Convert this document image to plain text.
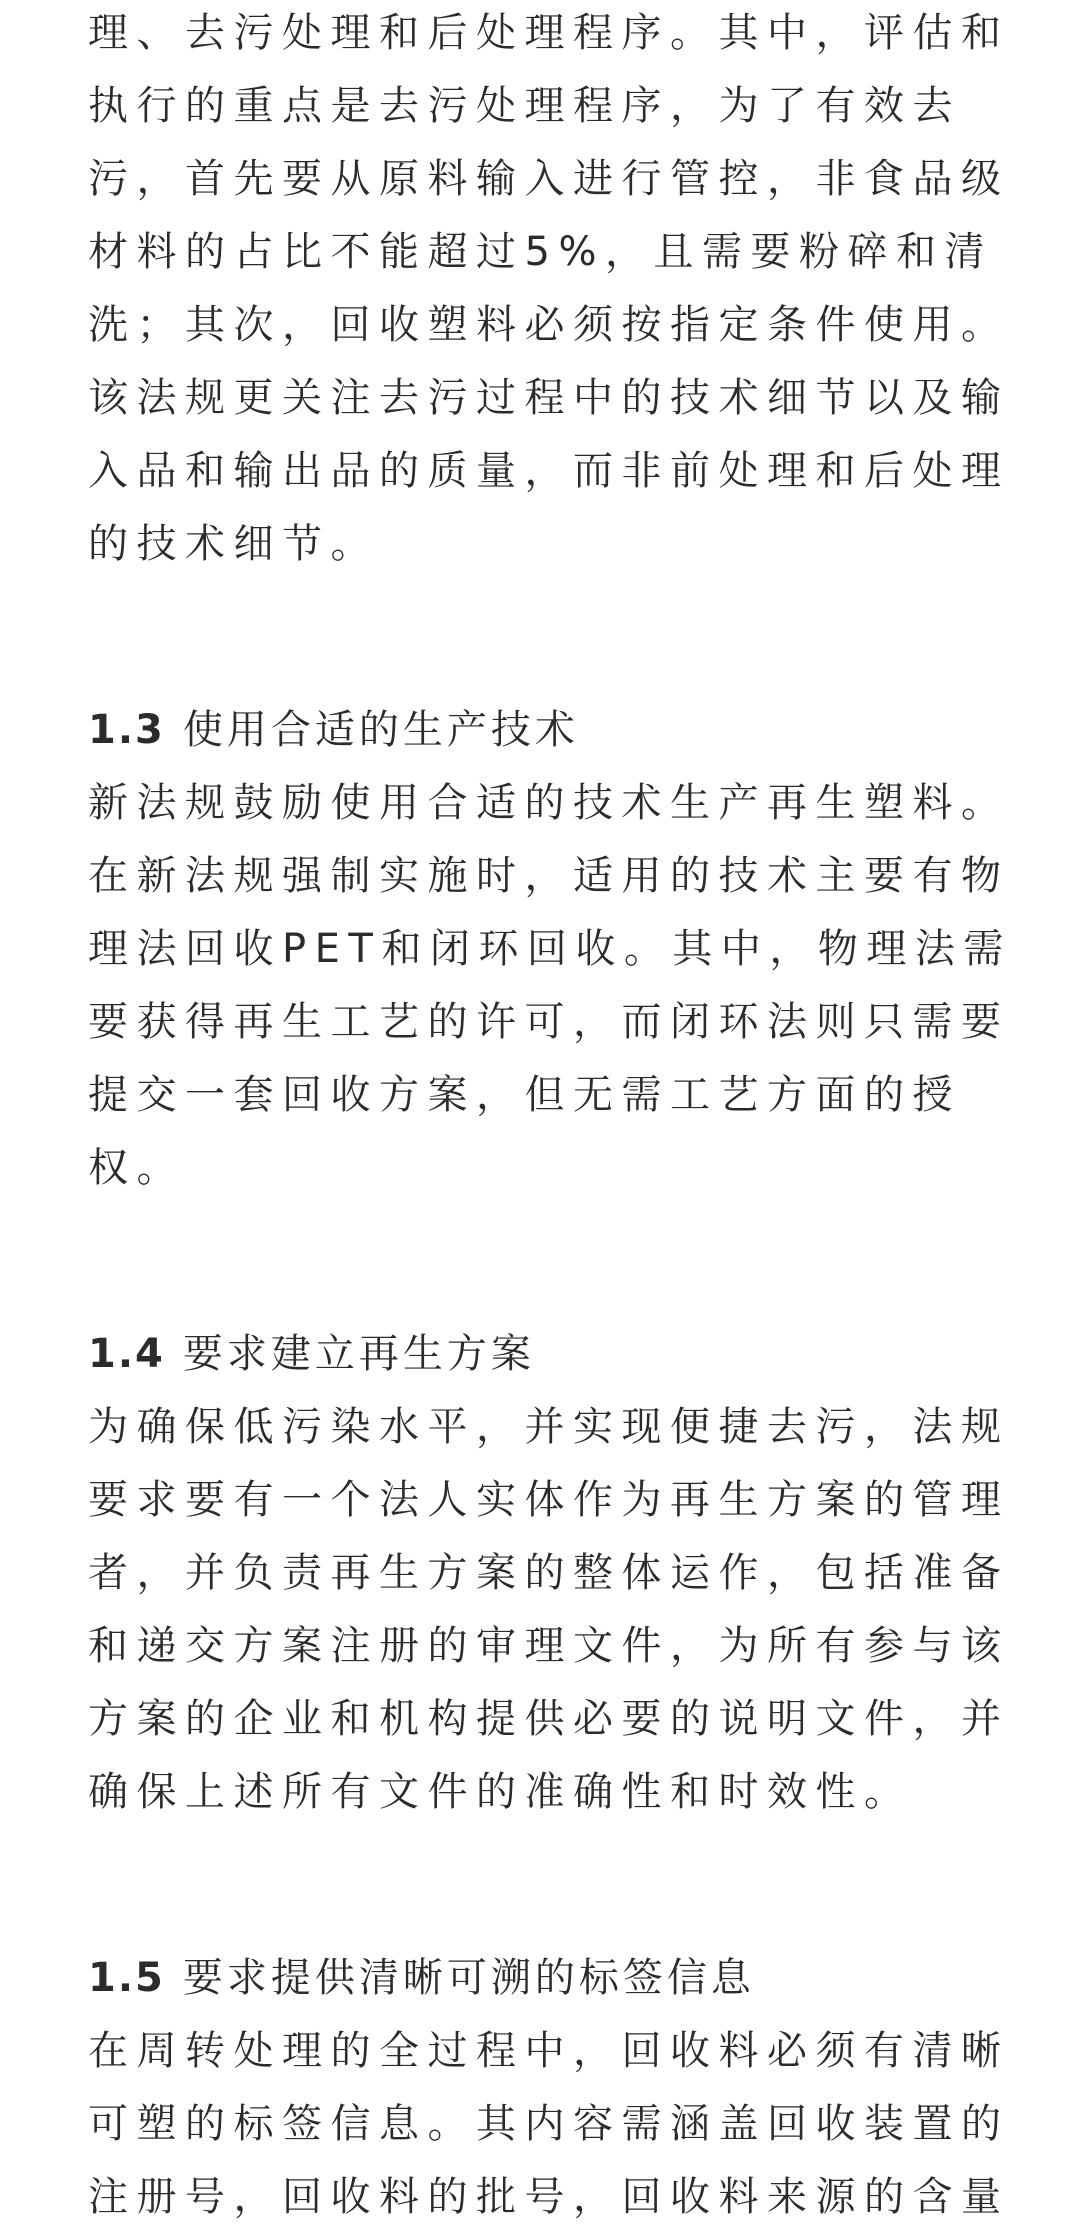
理、去污处理和后处理程序。其中，评估和
执行的重点是去污处理程序，为了有效去
污，首先要从原料输入进行管控，非食品级
材料的占比不能超过5%，且需要粉碎和清
洗；其次，回收塑料必须按指定条件使用。
该法规更关注去污过程中的技术细节以及输
入品和输出品的质量，而非前处理和后处理
的技术细节。
1.3 使用合适的生产技术
新法规鼓励使用合适的技术生产再生塑料。
在新法规强制实施时，适用的技术主要有物
理法回收PET和闭环回收。其中，物理法需
要获得再生工艺的许可，而闭环法则只需要
提交一套回收方案，但无需工艺方面的授
权。
1.4 要求建立再生方案
为确保低污染水平，并实现便捷去污，法规
要求要有一个法人实体作为再生方案的管理
者，并负责再生方案的整体运作，包括准备
和递交方案注册的审理文件，为所有参与该
方案的企业和机构提供必要的说明文件，并
确保上述所有文件的准确性和时效性。
1.5 要求提供清晰可溯的标签信息
在周转处理的全过程中，回收料必须有清晰
可塑的标签信息。其内容需涵盖回收装置的
注册号，回收料的批号，回收料来源的含量
